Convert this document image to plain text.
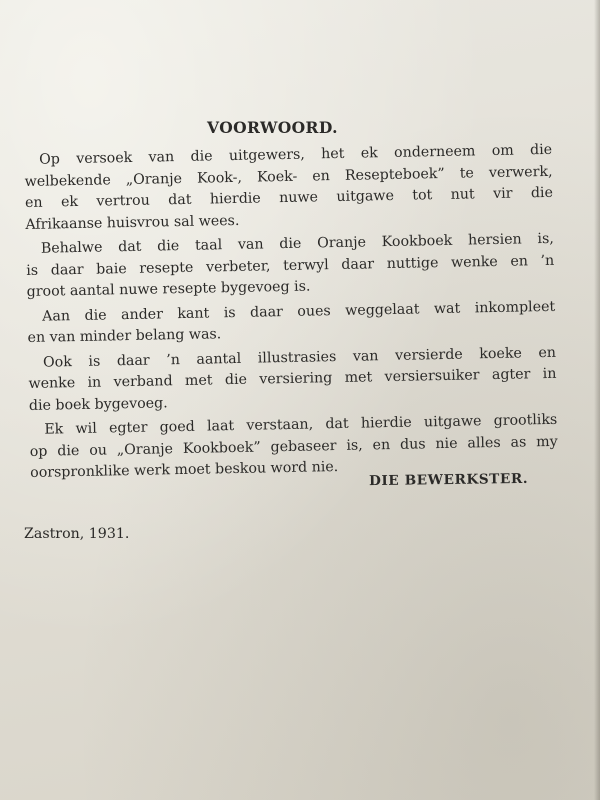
VOORWOORD.
Op versoek van die uitgewers, het ek onderneem om die
welbekende „Oranje Kook-, Koek- en Resepteboek” te verwerk,
en ek vertrou dat hierdie nuwe uitgawe tot nut vir die
Afrikaanse huisvrou sal wees.
Behalwe dat die taal van die Oranje Kookboek hersien is,
is daar baie resepte verbeter, terwyl daar nuttige wenke en ’n
groot aantal nuwe resepte bygevoeg is.
Aan die ander kant is daar oues weggelaat wat inkompleet
en van minder belang was.
Ook is daar ’n aantal illustrasies van versierde koeke en
wenke in verband met die versiering met versiersuiker agter in
die boek bygevoeg.
Ek wil egter goed laat verstaan, dat hierdie uitgawe grootliks
op die ou „Oranje Kookboek” gebaseer is, en dus nie alles as my
oorspronklike werk moet beskou word nie.	DIE BEWERKSTER.
Zastron, 1931.
